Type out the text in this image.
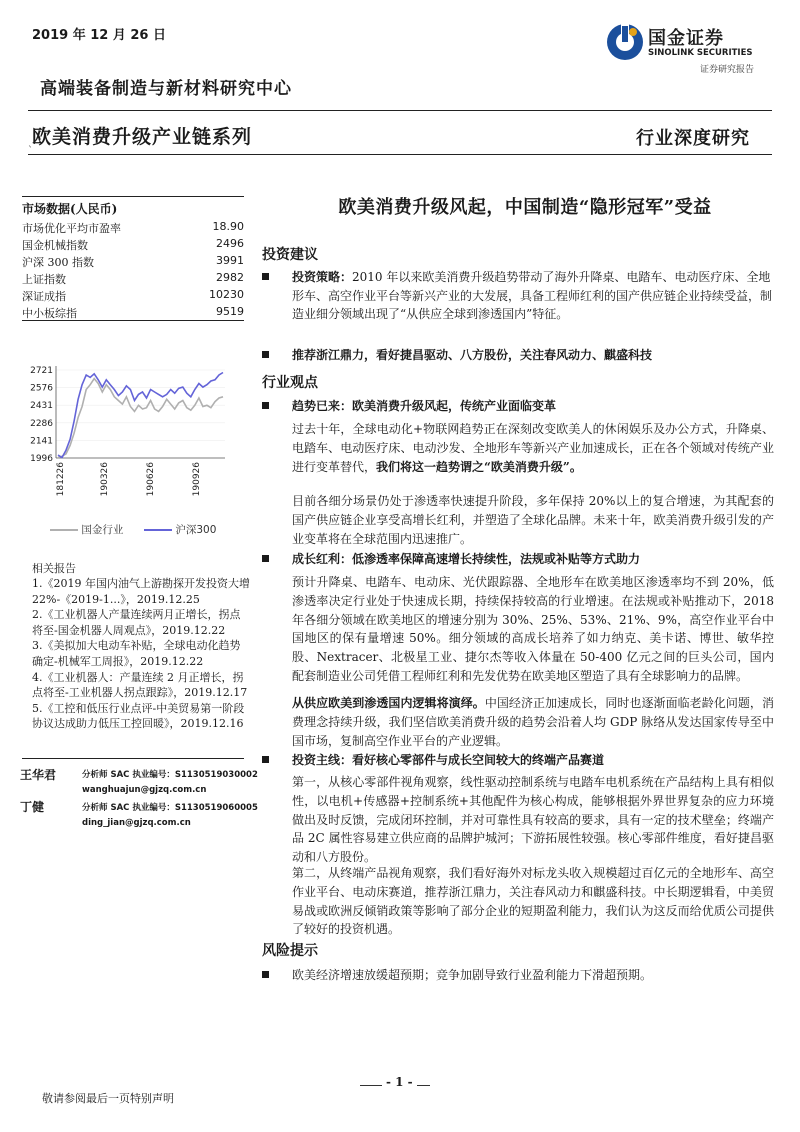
2019 年 12 月 26 日	国金证券
SINOLINK SECURITIES
证券研究报告
高端装备制造与新材料研究中心
欧美消费升级产业链系列	行业深度研究
`
市场数据(人民币)
市场优化平均市盈率	18.90
国金机械指数	2496
沪深 300 指数	3991
上证指数	2982
深证成指	10230
中小板综指	9519
2721
2576
2431
2286
2141
1996
181226	190326	190626	190926
国金行业	沪深300
相关报告

1.《2019 年国内油气上游勘探开发投资大增 22%-《2019-1...》，2019.12.25

2.《工业机器人产量连续两月正增长，拐点将至-国金机器人周观点》，2019.12.22

3.《美拟加大电动车补贴，全球电动化趋势确定-机械军工周报》，2019.12.22

4.《工业机器人：产量连续 2 月正增长，拐点将至-工业机器人拐点跟踪》，2019.12.17

5.《工控和低压行业点评-中美贸易第一阶段协议达成助力低压工控回暖》，2019.12.16

王华君	分析师 SAC 执业编号：S1130519030002
wanghuajun@gjzq.com.cn
丁健	分析师 SAC 执业编号：S1130519060005
ding_jian@gjzq.com.cn
欧美消费升级风起，中国制造“隐形冠军”受益
投资建议
投资策略：2010 年以来欧美消费升级趋势带动了海外升降桌、电踏车、电动医疗床、全地形车、高空作业平台等新兴产业的大发展，具备工程师红利的国产供应链企业持续受益，制造业细分领域出现了“从供应全球到渗透国内”特征。
推荐浙江鼎力，看好捷昌驱动、八方股份，关注春风动力、麒盛科技
行业观点
趋势已来：欧美消费升级风起，传统产业面临变革
过去十年，全球电动化+物联网趋势正在深刻改变欧美人的休闲娱乐及办公方式，升降桌、电踏车、电动医疗床、电动沙发、全地形车等新兴产业加速成长，正在各个领域对传统产业进行变革替代，我们将这一趋势谓之“欧美消费升级”。
目前各细分场景仍处于渗透率快速提升阶段，多年保持 20%以上的复合增速，为其配套的国产供应链企业享受高增长红利，并塑造了全球化品牌。未来十年，欧美消费升级引发的产业变革将在全球范围内迅速推广。
成长红利：低渗透率保障高速增长持续性，法规或补贴等方式助力
预计升降桌、电踏车、电动床、光伏跟踪器、全地形车在欧美地区渗透率均不到 20%，低渗透率决定行业处于快速成长期，持续保持较高的行业增速。在法规或补贴推动下，2018 年各细分领域在欧美地区的增速分别为 30%、25%、53%、21%、9%，高空作业平台中国地区的保有量增速 50%。细分领域的高成长培养了如力纳克、美卡诺、博世、敏华控股、Nextracer、北极星工业、捷尔杰等收入体量在 50-400 亿元之间的巨头公司，国内配套制造业公司凭借工程师红利和先发优势在欧美地区塑造了具有全球影响力的品牌。
从供应欧美到渗透国内逻辑将演绎。中国经济正加速成长，同时也逐渐面临老龄化问题，消费理念持续升级，我们坚信欧美消费升级的趋势会沿着人均 GDP 脉络从发达国家传导至中国市场，复制高空作业平台的产业逻辑。
投资主线：看好核心零部件与成长空间较大的终端产品赛道
第一，从核心零部件视角观察，线性驱动控制系统与电踏车电机系统在产品结构上具有相似性，以电机+传感器+控制系统+其他配件为核心构成，能够根据外界世界复杂的应力环境做出及时反馈，完成闭环控制，并对可靠性具有较高的要求，具有一定的技术壁垒；终端产品 2C 属性容易建立供应商的品牌护城河；下游拓展性较强。核心零部件维度，看好捷昌驱动和八方股份。
第二，从终端产品视角观察，我们看好海外对标龙头收入规模超过百亿元的全地形车、高空作业平台、电动床赛道，推荐浙江鼎力，关注春风动力和麒盛科技。中长期逻辑看，中美贸易战或欧洲反倾销政策等影响了部分企业的短期盈利能力，我们认为这反而给优质公司提供了较好的投资机遇。
风险提示
欧美经济增速放缓超预期；竞争加剧导致行业盈利能力下滑超预期。
- 1 -
敬请参阅最后一页特别声明
